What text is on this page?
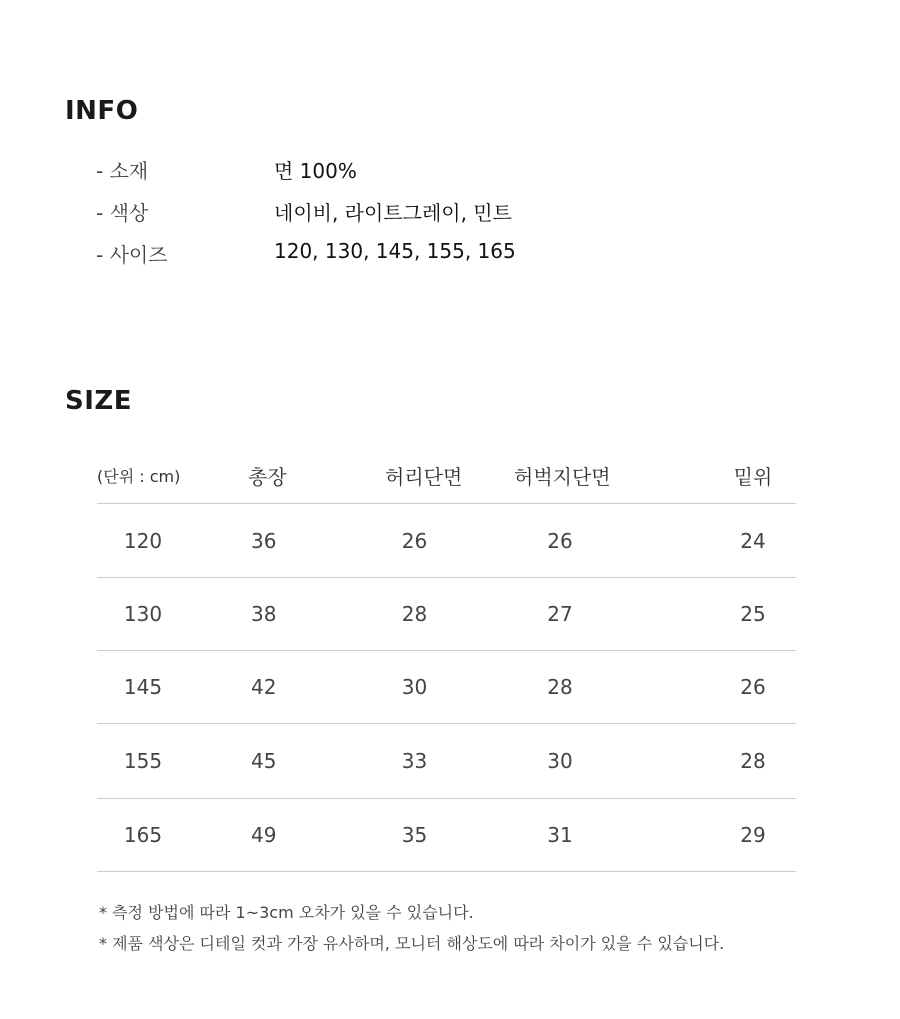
INFO
- 소재	면 100%
- 색상	네이비, 라이트그레이, 민트
- 사이즈	120, 130, 145, 155, 165
SIZE
(단위 : cm)	총장	허리단면	허벅지단면	밑위
120	36	26	26	24
130	38	28	27	25
145	42	30	28	26
155	45	33	30	28
165	49	35	31	29
* 측정 방법에 따라 1~3cm 오차가 있을 수 있습니다.
* 제품 색상은 디테일 컷과 가장 유사하며, 모니터 해상도에 따라 차이가 있을 수 있습니다.
